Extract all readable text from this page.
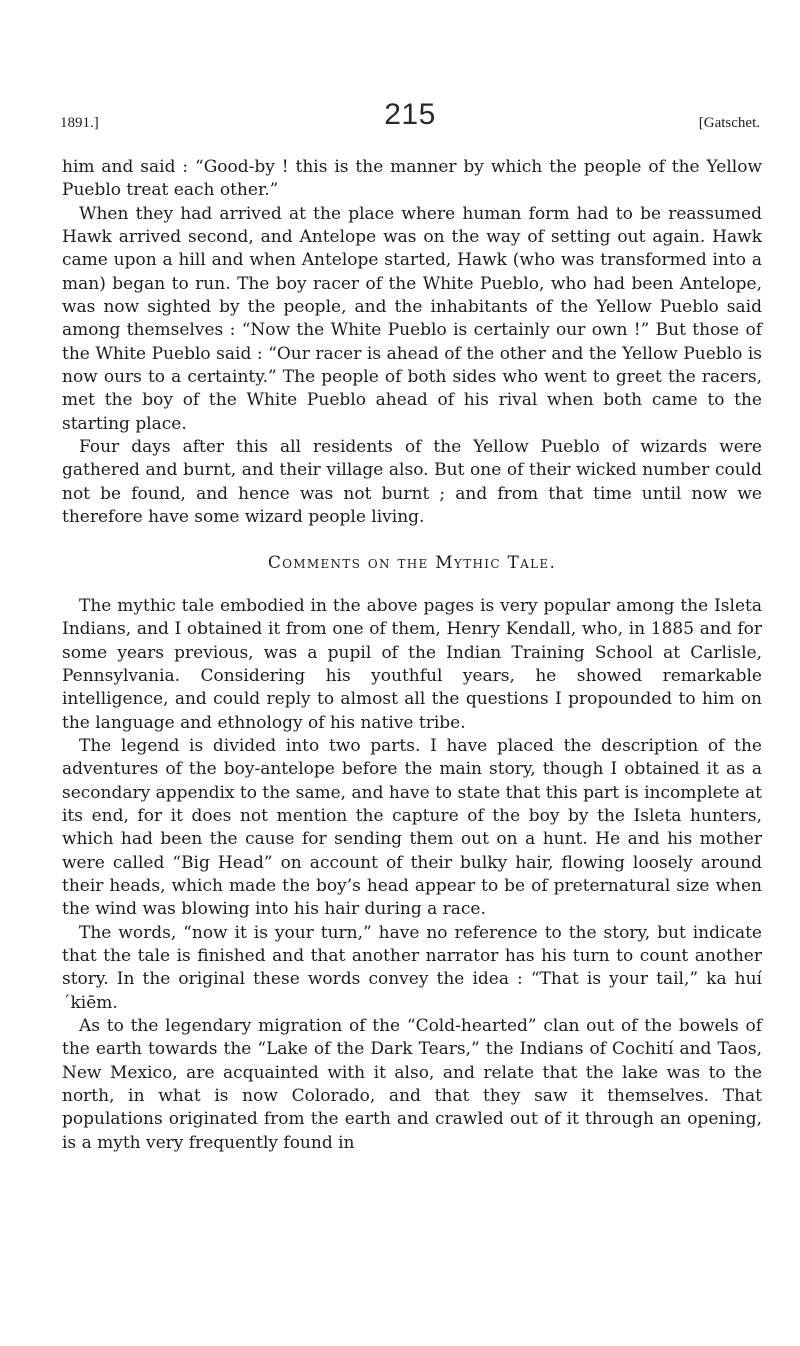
1891.]	215	[Gatschet.

him and said : “Good-by ! this is the manner by which the people of the Yellow Pueblo treat each other.”

When they had arrived at the place where human form had to be reassumed Hawk arrived second, and Antelope was on the way of setting out again. Hawk came upon a hill and when Antelope started, Hawk (who was transformed into a man) began to run. The boy racer of the White Pueblo, who had been Antelope, was now sighted by the people, and the inhabitants of the Yellow Pueblo said among themselves : “Now the White Pueblo is certainly our own !” But those of the White Pueblo said : “Our racer is ahead of the other and the Yellow Pueblo is now ours to a certainty.” The people of both sides who went to greet the racers, met the boy of the White Pueblo ahead of his rival when both came to the starting place.

Four days after this all residents of the Yellow Pueblo of wizards were gathered and burnt, and their village also. But one of their wicked number could not be found, and hence was not burnt ; and from that time until now we therefore have some wizard people living.

Comments on the Mythic Tale.

The mythic tale embodied in the above pages is very popular among the Isleta Indians, and I obtained it from one of them, Henry Kendall, who, in 1885 and for some years previous, was a pupil of the Indian Training School at Carlisle, Pennsylvania. Considering his youthful years, he showed remarkable intelligence, and could reply to almost all the questions I propounded to him on the language and ethnology of his native tribe.

The legend is divided into two parts. I have placed the description of the adventures of the boy-antelope before the main story, though I obtained it as a secondary appendix to the same, and have to state that this part is incomplete at its end, for it does not mention the capture of the boy by the Isleta hunters, which had been the cause for sending them out on a hunt. He and his mother were called “Big Head” on account of their bulky hair, flowing loosely around their heads, which made the boy’s head appear to be of preternatural size when the wind was blowing into his hair during a race.

The words, “now it is your turn,” have no reference to the story, but indicate that the tale is finished and that another narrator has his turn to count another story. In the original these words convey the idea : “That is your tail,” ka huí´kiēm.

As to the legendary migration of the “Cold-hearted” clan out of the bowels of the earth towards the “Lake of the Dark Tears,” the Indians of Cochití and Taos, New Mexico, are acquainted with it also, and relate that the lake was to the north, in what is now Colorado, and that they saw it themselves. That populations originated from the earth and crawled out of it through an opening, is a myth very frequently found in
